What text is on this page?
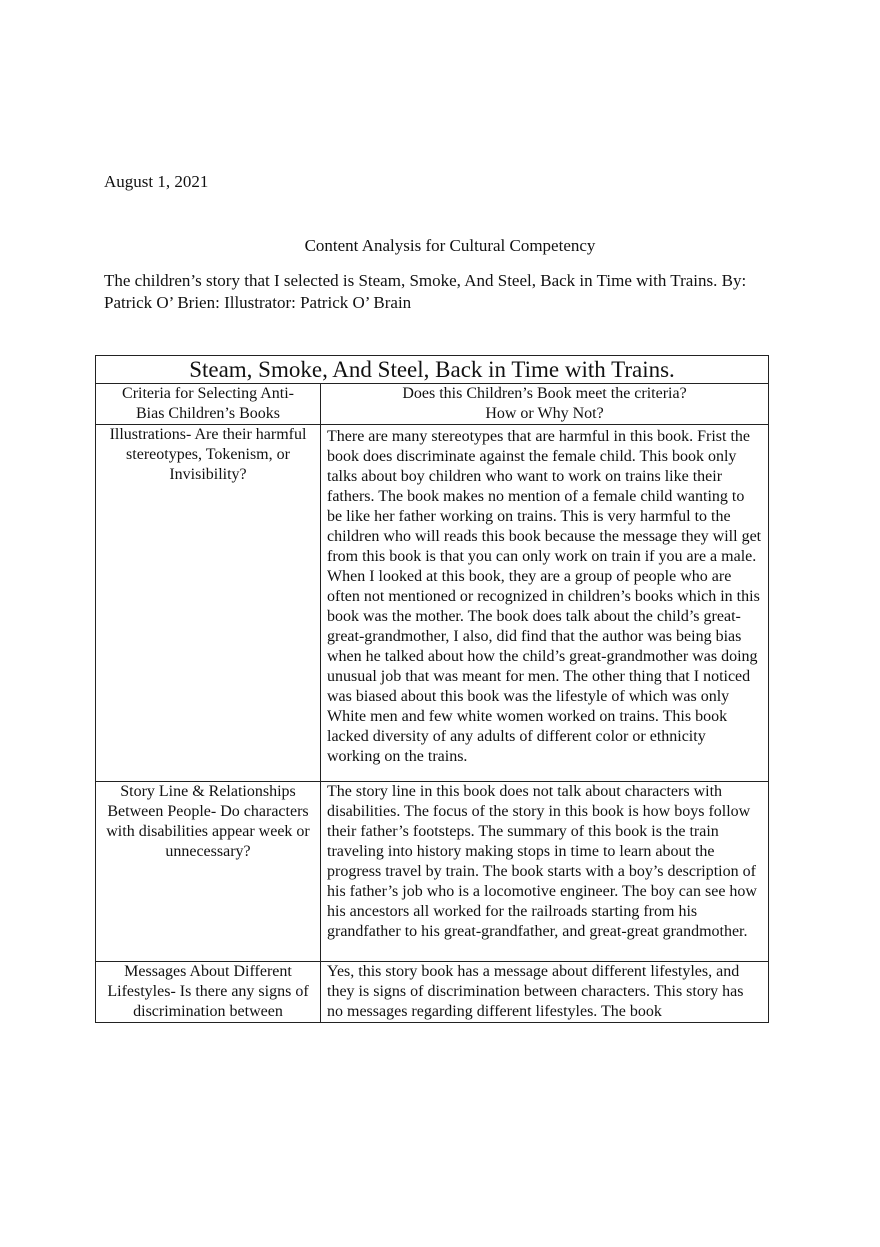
August 1, 2021
Content Analysis for Cultural Competency
The children’s story that I selected is Steam, Smoke, And Steel, Back in Time with Trains. By: Patrick O’ Brien: Illustrator: Patrick O’ Brain
Steam, Smoke, And Steel, Back in Time with Trains.	
Criteria for Selecting Anti-Bias Children’s Books	Does this Children’s Book meet the criteria?
How or Why Not?

Illustrations- Are their harmful stereotypes, Tokenism, or Invisibility?	There are many stereotypes that are harmful in this book. Frist the book does discriminate against the female child. This book only talks about boy children who want to work on trains like their fathers. The book makes no mention of a female child wanting to be like her father working on trains. This is very harmful to the children who will reads this book because the message they will get from this book is that you can only work on train if you are a male. When I looked at this book, they are a group of people who are often not mentioned or recognized in children’s books which in this book was the mother. The book does talk about the child’s great-great-grandmother, I also, did find that the author was being bias when he talked about how the child’s great-grandmother was doing unusual job that was meant for men. The other thing that I noticed was biased about this book was the lifestyle of which was only White men and few white women worked on trains. This book lacked diversity of any adults of different color or ethnicity working on the trains.
Story Line & Relationships Between People- Do characters with disabilities appear week or unnecessary?	The story line in this book does not talk about characters with disabilities. The focus of the story in this book is how boys follow their father’s footsteps. The summary of this book is the train traveling into history making stops in time to learn about the progress travel by train. The book starts with a boy’s description of his father’s job who is a locomotive engineer. The boy can see how his ancestors all worked for the railroads starting from his grandfather to his great-grandfather, and great-great grandmother.
Messages About Different Lifestyles- Is there any signs of discrimination between	Yes, this story book has a message about different lifestyles, and they is signs of discrimination between characters. This story has no messages regarding different lifestyles. The book
